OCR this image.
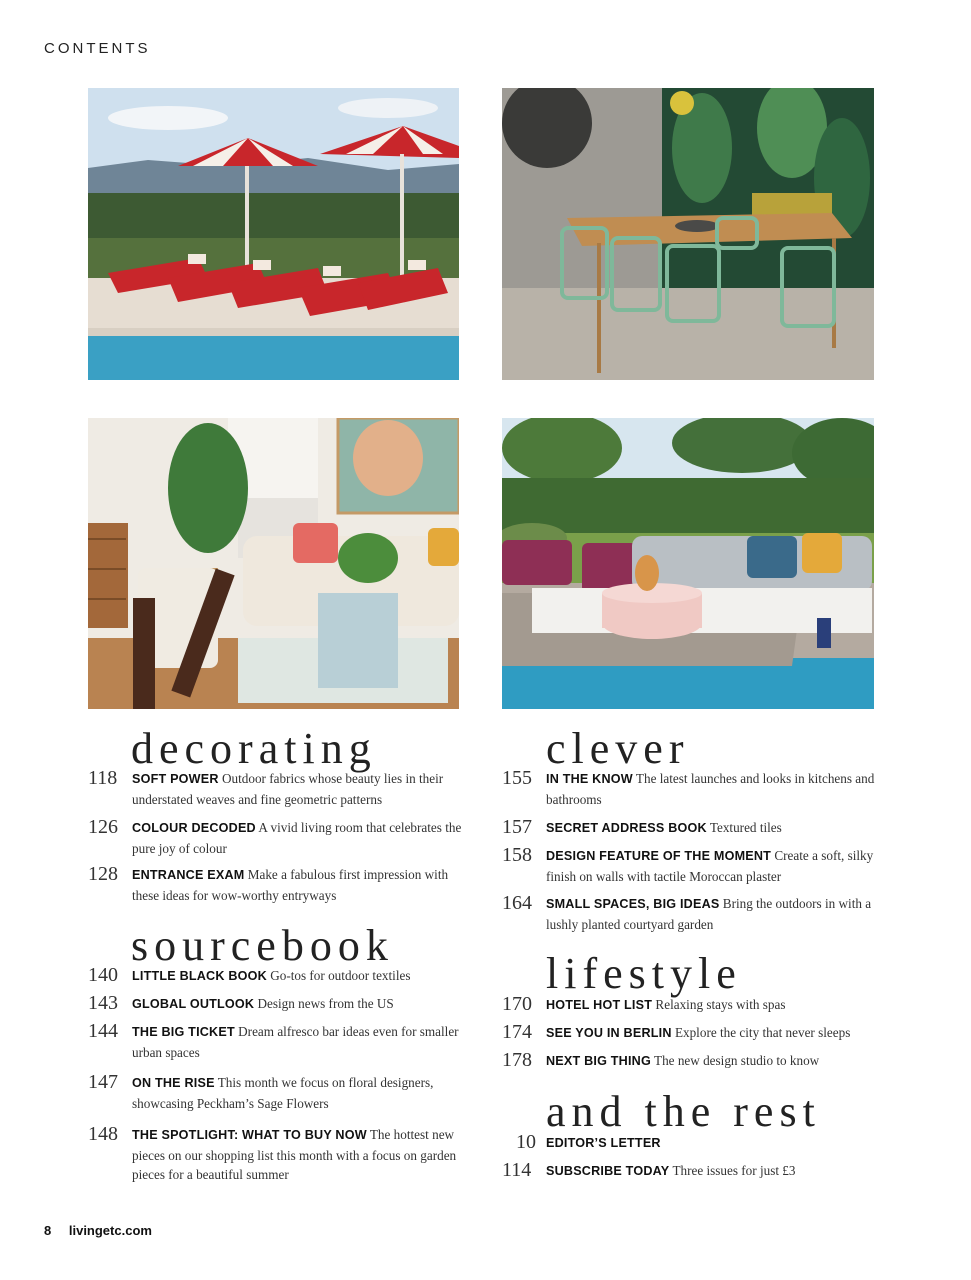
CONTENTS
decorating
118	SOFT POWER Outdoor fabrics whose beauty lies in their understated weaves and fine geometric patterns
126	COLOUR DECODED A vivid living room that celebrates the pure joy of colour
128	ENTRANCE EXAM Make a fabulous first impression with these ideas for wow-worthy entryways
sourcebook
140	LITTLE BLACK BOOK Go-tos for outdoor textiles
143	GLOBAL OUTLOOK Design news from the US
144	THE BIG TICKET Dream alfresco bar ideas even for smaller urban spaces
147	ON THE RISE This month we focus on floral designers, showcasing Peckham’s Sage Flowers
148	THE SPOTLIGHT: WHAT TO BUY NOW The hottest new pieces on our shopping list this month with a focus on garden pieces for a beautiful summer
clever
155	IN THE KNOW The latest launches and looks in kitchens and bathrooms
157	SECRET ADDRESS BOOK Textured tiles
158	DESIGN FEATURE OF THE MOMENT Create a soft, silky finish on walls with tactile Moroccan plaster
164	SMALL SPACES, BIG IDEAS Bring the outdoors in with a lushly planted courtyard garden
lifestyle
170	HOTEL HOT LIST Relaxing stays with spas
174	SEE YOU IN BERLIN Explore the city that never sleeps
178	NEXT BIG THING The new design studio to know
and the rest
10 EDITOR’S LETTER
114	SUBSCRIBE TODAY Three issues for just £3
8 livingetc.com
